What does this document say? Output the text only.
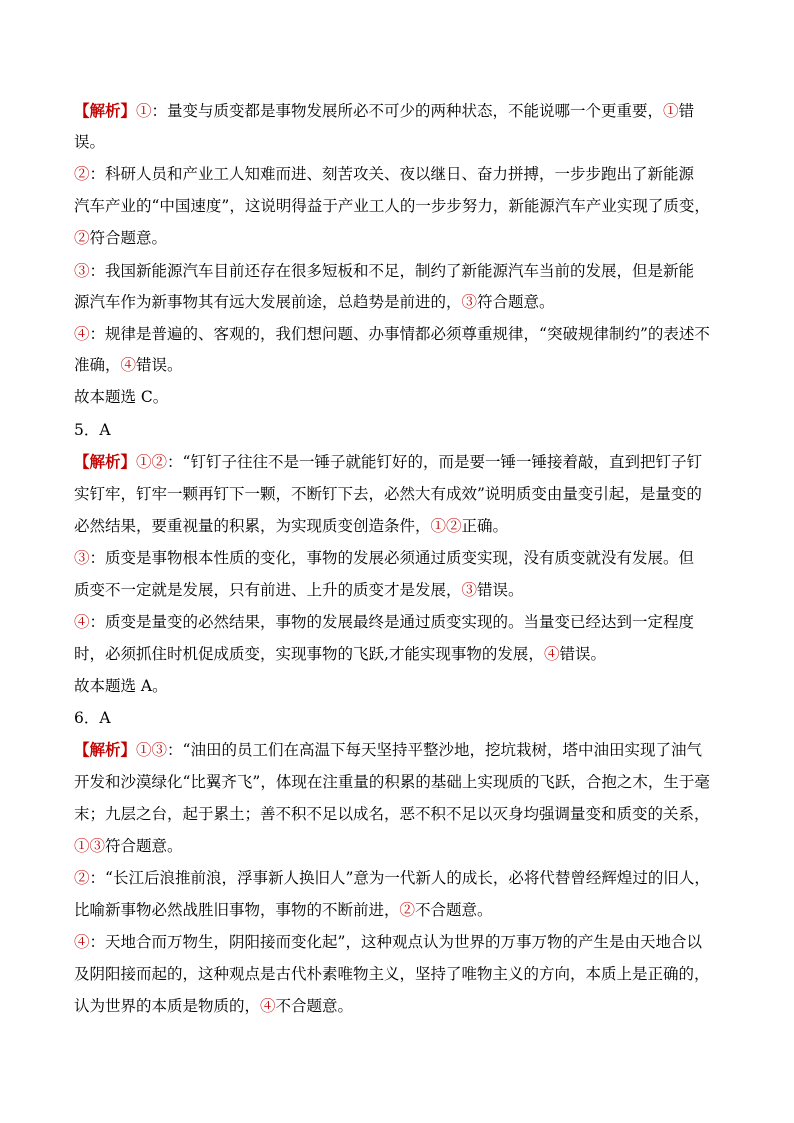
【解析】①：量变与质变都是事物发展所必不可少的两种状态，不能说哪一个更重要，①错
误。
②：科研人员和产业工人知难而进、刻苦攻关、夜以继日、奋力拼搏，一步步跑出了新能源
汽车产业的“中国速度”，这说明得益于产业工人的一步步努力，新能源汽车产业实现了质变，
②符合题意。
③：我国新能源汽车目前还存在很多短板和不足，制约了新能源汽车当前的发展，但是新能
源汽车作为新事物其有远大发展前途，总趋势是前进的，③符合题意。
④：规律是普遍的、客观的，我们想问题、办事情都必须尊重规律，“突破规律制约”的表述不
准确，④错误。
故本题选 C。
5．A
【解析】①②：“钉钉子往往不是一锤子就能钉好的，而是要一锤一锤接着敲，直到把钉子钉
实钉牢，钉牢一颗再钉下一颗，不断钉下去，必然大有成效”说明质变由量变引起，是量变的
必然结果，要重视量的积累，为实现质变创造条件，①②正确。
③：质变是事物根本性质的变化，事物的发展必须通过质变实现，没有质变就没有发展。但
质变不一定就是发展，只有前进、上升的质变才是发展，③错误。
④：质变是量变的必然结果，事物的发展最终是通过质变实现的。当量变已经达到一定程度
时，必须抓住时机促成质变，实现事物的飞跃,才能实现事物的发展，④错误。
故本题选 A。
6．A
【解析】①③：“油田的员工们在高温下每天坚持平整沙地，挖坑栽树，塔中油田实现了油气
开发和沙漠绿化“比翼齐飞”，体现在注重量的积累的基础上实现质的飞跃，合抱之木，生于毫
末；九层之台，起于累土；善不积不足以成名，恶不积不足以灭身均强调量变和质变的关系，
①③符合题意。
②：“长江后浪推前浪，浮事新人换旧人”意为一代新人的成长，必将代替曾经辉煌过的旧人，
比喻新事物必然战胜旧事物，事物的不断前进，②不合题意。
④：天地合而万物生，阴阳接而变化起”，这种观点认为世界的万事万物的产生是由天地合以
及阴阳接而起的，这种观点是古代朴素唯物主义，坚持了唯物主义的方向，本质上是正确的，
认为世界的本质是物质的，④不合题意。
